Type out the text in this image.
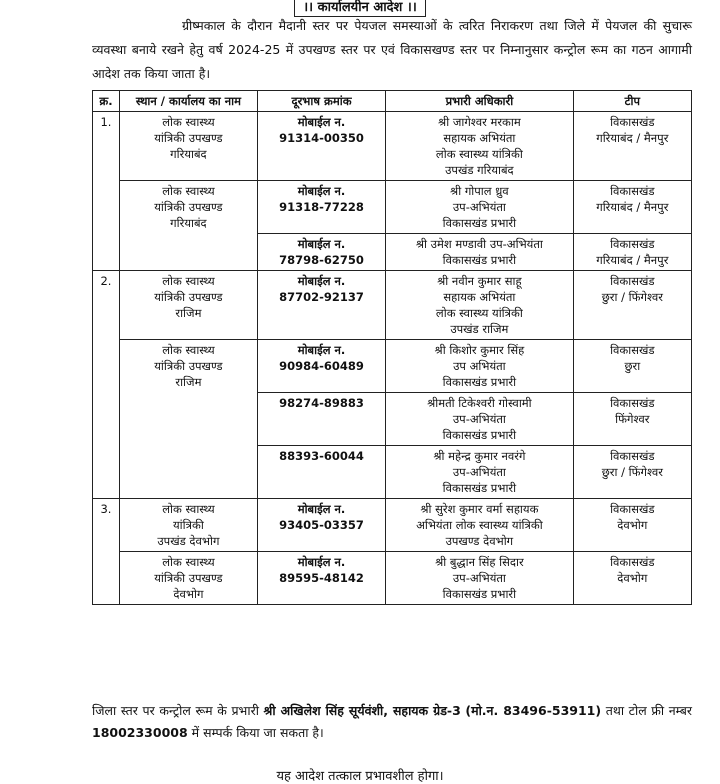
।। कार्यालयीन आदेश ।।
ग्रीष्मकाल के दौरान मैदानी स्तर पर पेयजल समस्याओं के त्वरित निराकरण तथा जिले में पेयजल की सुचारू व्यवस्था बनाये रखने हेतु वर्ष 2024-25 में उपखण्ड स्तर पर एवं विकासखण्ड स्तर पर निम्नानुसार कन्ट्रोल रूम का गठन आगामी आदेश तक किया जाता है।
क्र.	स्थान / कार्यालय का नाम	दूरभाष क्रमांक	प्रभारी अधिकारी	टीप
1.	लोक स्वास्थ्य
यांत्रिकी उपखण्ड
गरियाबंद	मोबाईल न.
91314-00350	श्री जागेश्वर मरकाम
सहायक अभियंता
लोक स्वास्थ्य यांत्रिकी
उपखंड गरियाबंद	विकासखंड
गरियाबंद / मैनपुर

	लोक स्वास्थ्य
यांत्रिकी उपखण्ड
गरियाबंद	मोबाईल न.
91318-77228	श्री गोपाल ध्रुव
उप-अभियंता
विकासखंड प्रभारी	विकासखंड
गरियाबंद / मैनपुर

		मोबाईल न.
78798-62750	श्री उमेश मण्डावी उप-अभियंता
विकासखंड प्रभारी	विकासखंड
गरियाबंद / मैनपुर

2.	लोक स्वास्थ्य
यांत्रिकी उपखण्ड
राजिम	मोबाईल न.
87702-92137	श्री नवीन कुमार साहू
सहायक अभियंता
लोक स्वास्थ्य यांत्रिकी
उपखंड राजिम	विकासखंड
छुरा / फिंगेश्वर

	लोक स्वास्थ्य
यांत्रिकी उपखण्ड
राजिम	मोबाईल न.
90984-60489	श्री किशोर कुमार सिंह
उप अभियंता
विकासखंड प्रभारी	विकासखंड
छुरा

		98274-89883	श्रीमती टिकेश्वरी गोस्वामी
उप-अभियंता
विकासखंड प्रभारी	विकासखंड
फिंगेश्वर

		88393-60044	श्री महेन्द्र कुमार नवरंगे
उप-अभियंता
विकासखंड प्रभारी	विकासखंड
छुरा / फिंगेश्वर

3.	लोक स्वास्थ्य
यांत्रिकी
उपखंड देवभोग	मोबाईल न.
93405-03357	श्री सुरेश कुमार वर्मा सहायक
अभियंता लोक स्वास्थ्य यांत्रिकी
उपखण्ड देवभोग	विकासखंड
देवभोग

	लोक स्वास्थ्य
यांत्रिकी उपखण्ड
देवभोग	मोबाईल न.
89595-48142	श्री बुद्धान सिंह सिदार
उप-अभियंता
विकासखंड प्रभारी	विकासखंड
देवभोग
जिला स्तर पर कन्ट्रोल रूम के प्रभारी श्री अखिलेश सिंह सूर्यवंशी, सहायक ग्रेड-3 (मो.न. 83496-53911) तथा टोल फ्री नम्बर 18002330008 में सम्पर्क किया जा सकता है।
यह आदेश तत्काल प्रभावशील होगा।
